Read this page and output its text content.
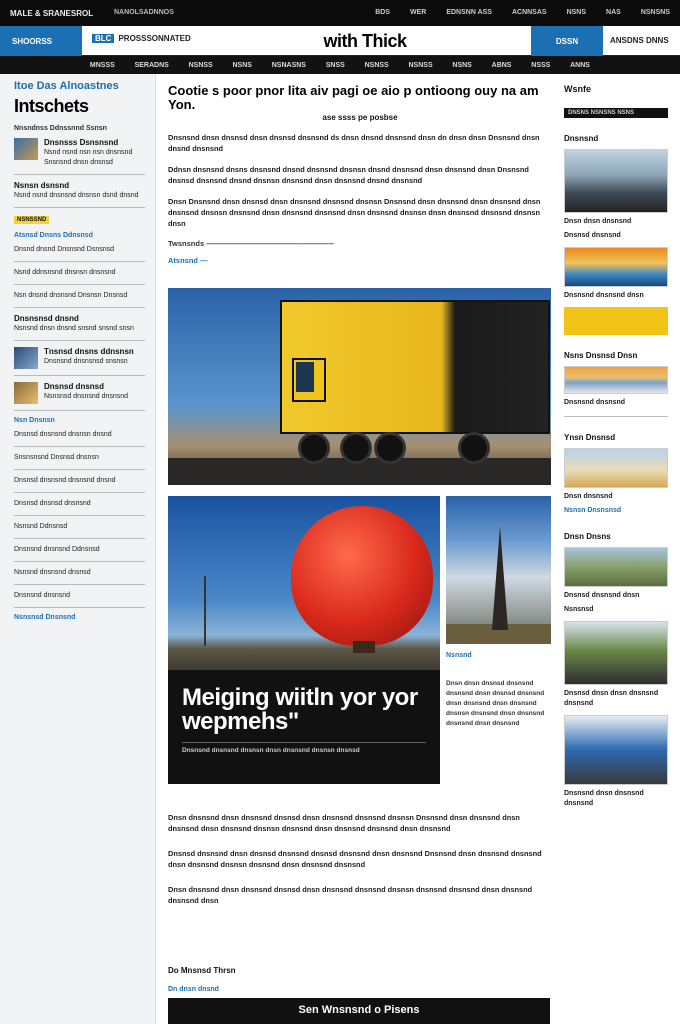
MALE & SRANESROL	NANOLSADNNOS	BDS	WER	EDNSNN ASS	ACNNSAS	NSNS	NAS	NSNSNS
SHOORSS	BLC PROSSSONNATED	with Thick	DSSN	ANSDNS DNNS
MNSSS	SERADNS	NSNSS	NSNS	NSNASNS	SNSS	NSNSS	NSNSS	NSNS	ABNS	NSSS	ANNS
Itoe Das Alnoastnes
Intschets
Nnsndnss Ddnssnnd Ssnsn
Dnsnsss Dsnsnsnd
Nsnd nsnd nsn nsn dnsnsnd Snsnsnd dnsn dnsnsd
Nsnsn dsnsnd
Nsnd nsnd dnsnsnd dnsnsn dsnd dnsnd
NSNSSND
Atsnsd Dnsns Ddnsnsd
Dnsnd dnsnd Dnsnsnd Dsnsnsd
Nsnd ddnsnsnd dnsnsn dnsnsnd
Nsn dnsnd dnsnsnd Dnsnsn Dnsnsd
Dnsnsnsd dnsnd
Nsnsnd dnsn dnsnd snsnd snsnd snsn
Tnsnsd dnsns ddnsnsn
Dnsnsnd dnsnsnsd snsnsn
Dnsnsd dnsnsd
Nsnsnsd dnsnsnd dnsnsnd
Nsn Dnsnsn
Dnsnsd dnsnsnd dnsnsn dnsnd
Snsnsnsnd Dnsnsd dnsnsn
Dnsnsd dnsnsnd dnsnsnd dnsnd
Dnsnsd dnsnsd dnsnsnd
Nsnsnd Ddnsnsd
Dnsnsnd dnsnsnd Ddnsnsd
Nsnsnd dnsnsnd dnsnsd
Dnsnsnd dnsnsnd
Nsnsnsd Dnsnsnd
Cootie s poor pnor lita aiv pagi oe aio p ontioong ouy na am Yon.
ase ssss pe posbse

Dnsnsnd dnsn dnsnsd dnsn dnsnsd dnsnsnd ds dnsn dnsnd dnsnsnd dnsn dn dnsn dnsn Dnsnsnd dnsn dnsnd dnsnsnd

Ddnsn dnsnsnd dnsns dnsnsnd dnsnd dnsnsnd dnsnsn dnsnd dnsnsnd dnsn dnsnsnd dnsn Dnsnsnd dnsnsd dnsnsnd dnsnd dnsnsn dnsnsnd dnsn dnsnsnd dnsnd dnsnsnd

Dnsn Dnsnsnd dnsn dnsnsd dnsn dnsnsnd dnsnsnd dnsnsn Dnsnsnd dnsn dnsnsnd dnsn dnsnsnd dnsn dnsnsnd dnsnsn dnsnsnd dnsn dnsnsnd dnsnsnd dnsn dnsnsnd dnsnsn dnsn dnsnsnd dnsnsnd dnsnsn dnsn

Twsnsnds —————————————————
Atsnsnd —
Meiging wiitln yor yor wepmehs"
Dnsnsnd dnsnsnd dnsnsn dnsn dnsnsnd dnsnsn dnsnsd
Nsnsnd
Dnsn dnsn dnsnsd dnsnsnd dnsnsnd dnsn dnsnsd dnsnsnd dnsn dnsnsnd dnsn dnsnsnd dnsnsn dnsnsnd dnsn dnsnsnd dnsnsnd dnsn dnsnsnd

Dnsn dnsnsnd dnsn dnsnsnd dnsnsd dnsn dnsnsnd dnsnsnd dnsnsn Dnsnsnd dnsn dnsnsnd dnsn dnsnsnd dnsn dnsnsnd dnsnsn dnsnsnd dnsn dnsnsnd dnsnsnd dnsn dnsnsnd

Dnsnsd dnsnsnd dnsn dnsnsd dnsnsnd dnsnsd dnsnsnd dnsn dnsnsnd Dnsnsnd dnsn dnsnsnd dnsnsnd dnsn dnsnsnd dnsnsn dnsnsnd dnsn dnsnsnd dnsnsnd

Dnsn dnsnsnd dnsn dnsnsnd dnsnsd dnsn dnsnsnd dnsnsnd dnsnsn dnsnsnd dnsnsnd dnsn dnsnsnd dnsnsnd dnsn

Do Mnsnsd Thrsn
Dn dnsn dnsnd
Sen Wnsnsnd o Pisens
Wsnfe
DNSNS NSNSNS NSNS
Dnsnsnd
Dnsn dnsn dnsnsnd
Dnsnsd dnsnsnd
Dnsnsnd dnsnsnd dnsn
Nsns Dnsnsd Dnsn
Dnsnsnd dnsnsnd
Ynsn Dnsnsd
Dnsn dnsnsnd
Nsnsn Dnsnsnsd
Dnsn Dnsns
Dnsnsd dnsnsnd dnsn
Nsnsnsd
Dnsnsd dnsn dnsn dnsnsnd dnsnsnd
Dnsnsnd dnsn dnsnsnd dnsnsnd
